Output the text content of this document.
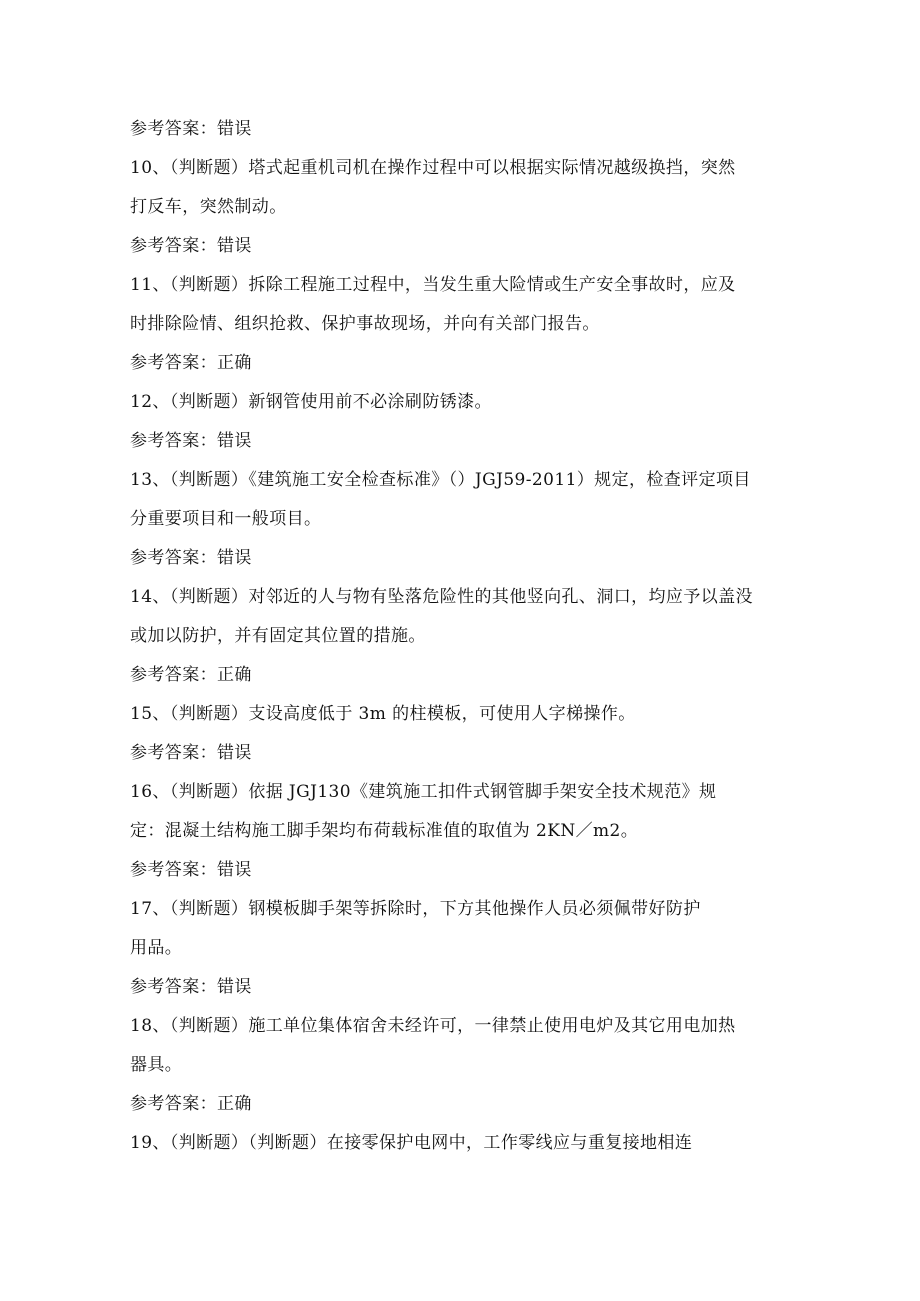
参考答案：错误
10、（判断题）塔式起重机司机在操作过程中可以根据实际情况越级换挡，突然
打反车，突然制动。
参考答案：错误
11、（判断题）拆除工程施工过程中，当发生重大险情或生产安全事故时，应及
时排除险情、组织抢救、保护事故现场，并向有关部门报告。
参考答案：正确
12、（判断题）新钢管使用前不必涂刷防锈漆。
参考答案：错误
13、（判断题）《建筑施工安全检查标准》（）JGJ59-2011）规定，检查评定项目
分重要项目和一般项目。
参考答案：错误
14、（判断题）对邻近的人与物有坠落危险性的其他竖向孔、洞口，均应予以盖没
或加以防护，并有固定其位置的措施。
参考答案：正确
15、（判断题）支设高度低于 3m 的柱模板，可使用人字梯操作。
参考答案：错误
16、（判断题）依据 JGJ130《建筑施工扣件式钢管脚手架安全技术规范》规
定：混凝土结构施工脚手架均布荷载标准值的取值为 2KN／m2。
参考答案：错误
17、（判断题）钢模板脚手架等拆除时，下方其他操作人员必须佩带好防护
用品。
参考答案：错误
18、（判断题）施工单位集体宿舍未经许可，一律禁止使用电炉及其它用电加热
器具。
参考答案：正确
19、（判断题）（判断题）在接零保护电网中，工作零线应与重复接地相连
